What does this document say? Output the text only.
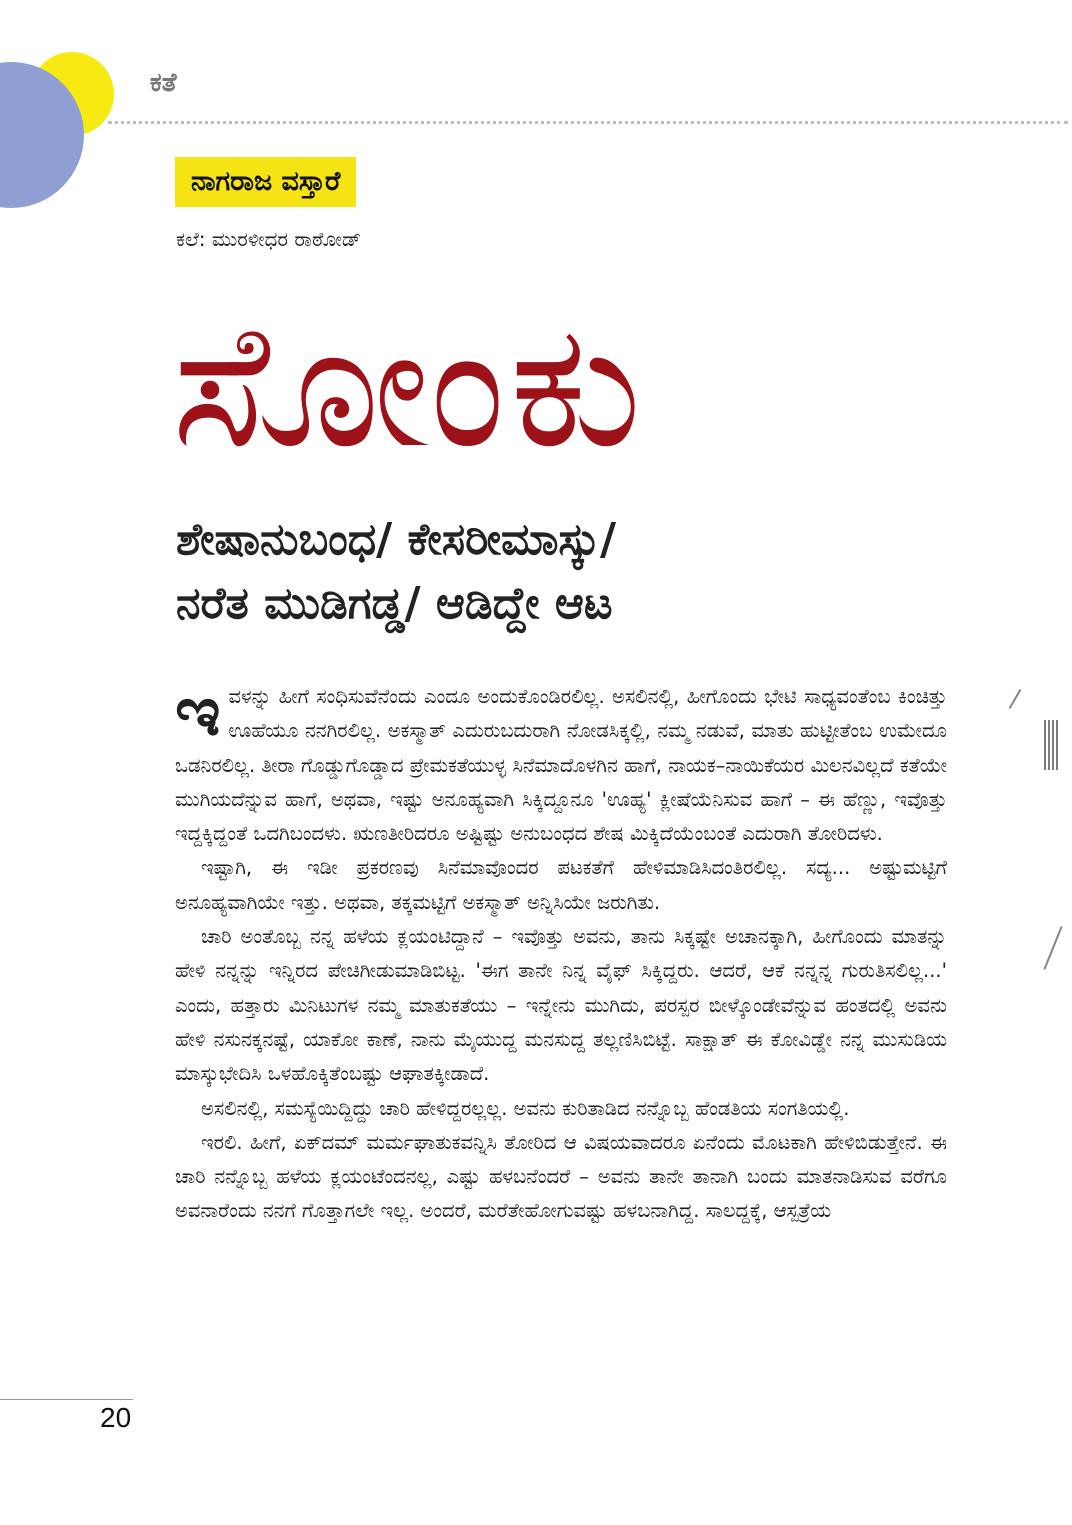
ಕತೆ
ನಾಗರಾಜ ವಸ್ತಾರೆ
ಕಲೆ: ಮುರಳೀಧರ ರಾಠೋಡ್
ಸೋಂಕು
ಶೇಷಾನುಬಂಧ/ ಕೇಸರೀಮಾಸ್ಕು/
ನರೆತ ಮುಡಿಗಡ್ಡ/ ಆಡಿದ್ದೇ ಆಟ

ಇವಳನ್ನು ಹೀಗೆ ಸಂಧಿಸುವೆನೆಂದು ಎಂದೂ ಅಂದುಕೊಂಡಿರಲಿಲ್ಲ. ಅಸಲಿನಲ್ಲಿ, ಹೀಗೊಂದು ಭೇಟಿ ಸಾಧ್ಯವಂತೆಂಬ ಕಿಂಚಿತ್ತು ಊಹೆಯೂ ನನಗಿರಲಿಲ್ಲ. ಅಕಸ್ಮಾತ್ ಎದುರುಬದುರಾಗಿ ನೋಡಸಿಕ್ಕಲ್ಲಿ, ನಮ್ಮ ನಡುವೆ, ಮಾತು ಹುಟ್ಟೀತೆಂಬ ಉಮೇದೂ ಒಡನಿರಲಿಲ್ಲ. ತೀರಾ ಗೊಡ್ಡುಗೊಡ್ಡಾದ ಪ್ರೇಮಕತೆಯುಳ್ಳ ಸಿನೆಮಾದೊಳಗಿನ ಹಾಗೆ, ನಾಯಕ–ನಾಯಿಕೆಯರ ಮಿಲನವಿಲ್ಲದೆ ಕತೆಯೇ ಮುಗಿಯದೆನ್ನುವ ಹಾಗೆ, ಅಥವಾ, ಇಷ್ಟು ಅನೂಹ್ಯವಾಗಿ ಸಿಕ್ಕಿದ್ದೂನೂ 'ಊಹ್ಯ' ಕ್ಲೀಷೆಯೆನಿಸುವ ಹಾಗೆ – ಈ ಹೆಣ್ಣು, ಇವೊತ್ತು ಇದ್ದಕ್ಕಿದ್ದಂತೆ ಒದಗಿಬಂದಳು. ಋಣತೀರಿದರೂ ಅಷ್ಟಿಷ್ಟು ಅನುಬಂಧದ ಶೇಷ ಮಿಕ್ಕಿದೆಯೆಂಬಂತೆ ಎದುರಾಗಿ ತೋರಿದಳು.

ಇಷ್ಟಾಗಿ, ಈ ಇಡೀ ಪ್ರಕರಣವು ಸಿನೆಮಾವೊಂದರ ಪಟಕತೆಗೆ ಹೇಳಿಮಾಡಿಸಿದಂತಿರಲಿಲ್ಲ. ಸದ್ಯ... ಅಷ್ಟುಮಟ್ಟಿಗೆ ಅನೂಹ್ಯವಾಗಿಯೇ ಇತ್ತು. ಅಥವಾ, ತಕ್ಕಮಟ್ಟಿಗೆ ಅಕಸ್ಮಾತ್ ಅನ್ನಿಸಿಯೇ ಜರುಗಿತು.

ಚಾರಿ ಅಂತೊಬ್ಬ ನನ್ನ ಹಳೆಯ ಕ್ಲಯಂಟಿದ್ದಾನೆ – ಇವೊತ್ತು ಅವನು, ತಾನು ಸಿಕ್ಕಷ್ಟೇ ಅಚಾನಕ್ಕಾಗಿ, ಹೀಗೊಂದು ಮಾತನ್ನು ಹೇಳಿ ನನ್ನನ್ನು ಇನ್ನಿರದ ಪೇಚಿಗೀಡುಮಾಡಿಬಿಟ್ಟ. 'ಈಗ ತಾನೇ ನಿನ್ನ ವೈಫ್ ಸಿಕ್ಕಿದ್ದರು. ಆದರೆ, ಆಕೆ ನನ್ನನ್ನ ಗುರುತಿಸಲಿಲ್ಲ...' ಎಂದು, ಹತ್ತಾರು ಮಿನಿಟುಗಳ ನಮ್ಮ ಮಾತುಕತೆಯು – ಇನ್ನೇನು ಮುಗಿದು, ಪರಸ್ಪರ ಬೀಳ್ಕೊಂಡೇವೆನ್ನುವ ಹಂತದಲ್ಲಿ ಅವನು ಹೇಳಿ ನಸುನಕ್ಕನಷ್ಟೆ, ಯಾಕೋ ಕಾಣೆ, ನಾನು ಮೈಯುದ್ದ ಮನಸುದ್ದ ತಲ್ಲಣಿಸಿಬಿಟ್ಟೆ. ಸಾಕ್ಷಾತ್ ಈ ಕೋವಿಡ್ಡೇ ನನ್ನ ಮುಸುಡಿಯ ಮಾಸ್ಕುಭೇದಿಸಿ ಒಳಹೊಕ್ಕಿತೆಂಬಷ್ಟು ಆಘಾತಕ್ಕೀಡಾದೆ.

ಅಸಲಿನಲ್ಲಿ, ಸಮಸ್ಯೆಯಿದ್ದಿದ್ದು ಚಾರಿ ಹೇಳಿದ್ದರಲ್ಲಲ್ಲ. ಅವನು ಕುರಿತಾಡಿದ ನನ್ನೊಬ್ಬ ಹೆಂಡತಿಯ ಸಂಗತಿಯಲ್ಲಿ.

ಇರಲಿ. ಹೀಗೆ, ಏಕ್‌ದಮ್ ಮರ್ಮಘಾತುಕವನ್ನಿಸಿ ತೋರಿದ ಆ ವಿಷಯವಾದರೂ ಏನೆಂದು ಮೊಟಕಾಗಿ ಹೇಳಿಬಿಡುತ್ತೇನೆ. ಈ ಚಾರಿ ನನ್ನೊಬ್ಬ ಹಳೆಯ ಕ್ಲಯಂಟೆಂದನಲ್ಲ, ಎಷ್ಟು ಹಳಬನೆಂದರೆ – ಅವನು ತಾನೇ ತಾನಾಗಿ ಬಂದು ಮಾತನಾಡಿಸುವ ವರೆಗೂ ಅವನಾರೆಂದು ನನಗೆ ಗೊತ್ತಾಗಲೇ ಇಲ್ಲ. ಅಂದರೆ, ಮರೆತೇಹೋಗುವಷ್ಟು ಹಳಬನಾಗಿದ್ದ. ಸಾಲದ್ದಕ್ಕೆ, ಆಸ್ಪತ್ರೆಯ

20
